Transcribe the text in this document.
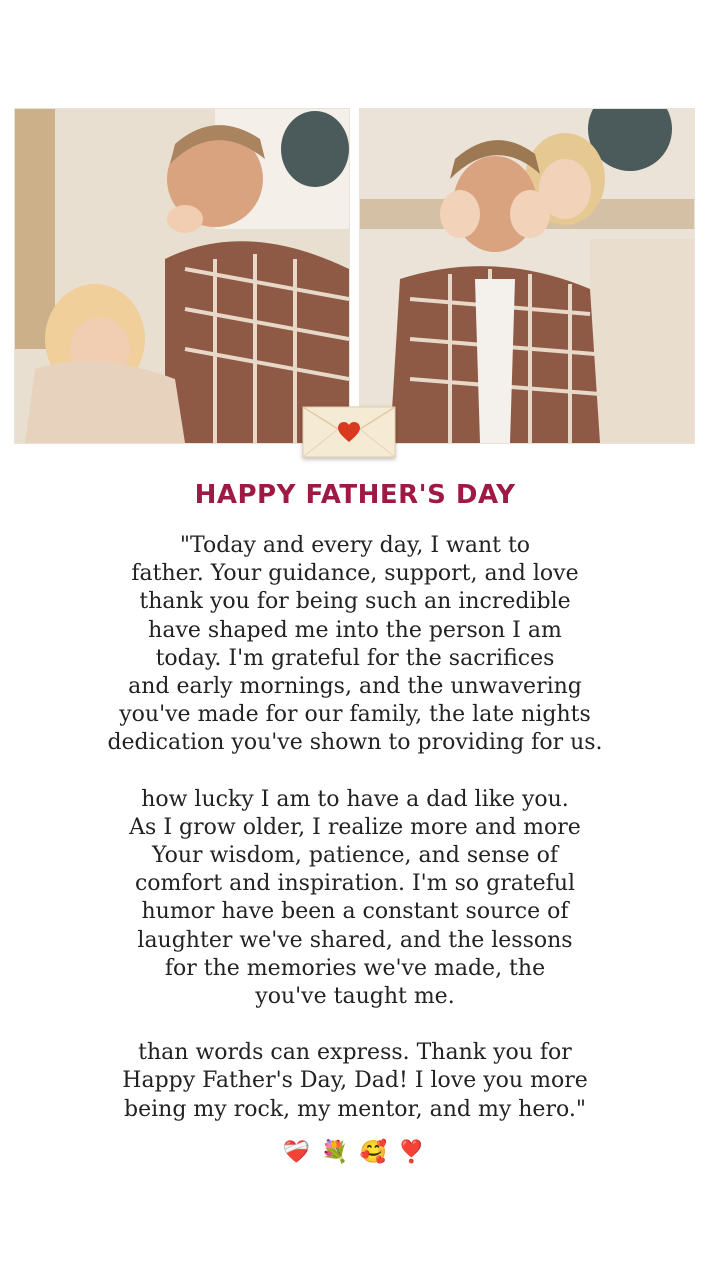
HAPPY FATHER'S DAY
"Today and every day, I want to
father. Your guidance, support, and love
thank you for being such an incredible
have shaped me into the person I am
today. I'm grateful for the sacrifices
and early mornings, and the unwavering
you've made for our family, the late nights
dedication you've shown to providing for us.
how lucky I am to have a dad like you.
As I grow older, I realize more and more
Your wisdom, patience, and sense of
comfort and inspiration. I'm so grateful
humor have been a constant source of
laughter we've shared, and the lessons
for the memories we've made, the
you've taught me.
than words can express. Thank you for
Happy Father's Day, Dad! I love you more
being my rock, my mentor, and my hero."
❤️‍🩹 💐 🥰 ❣️
